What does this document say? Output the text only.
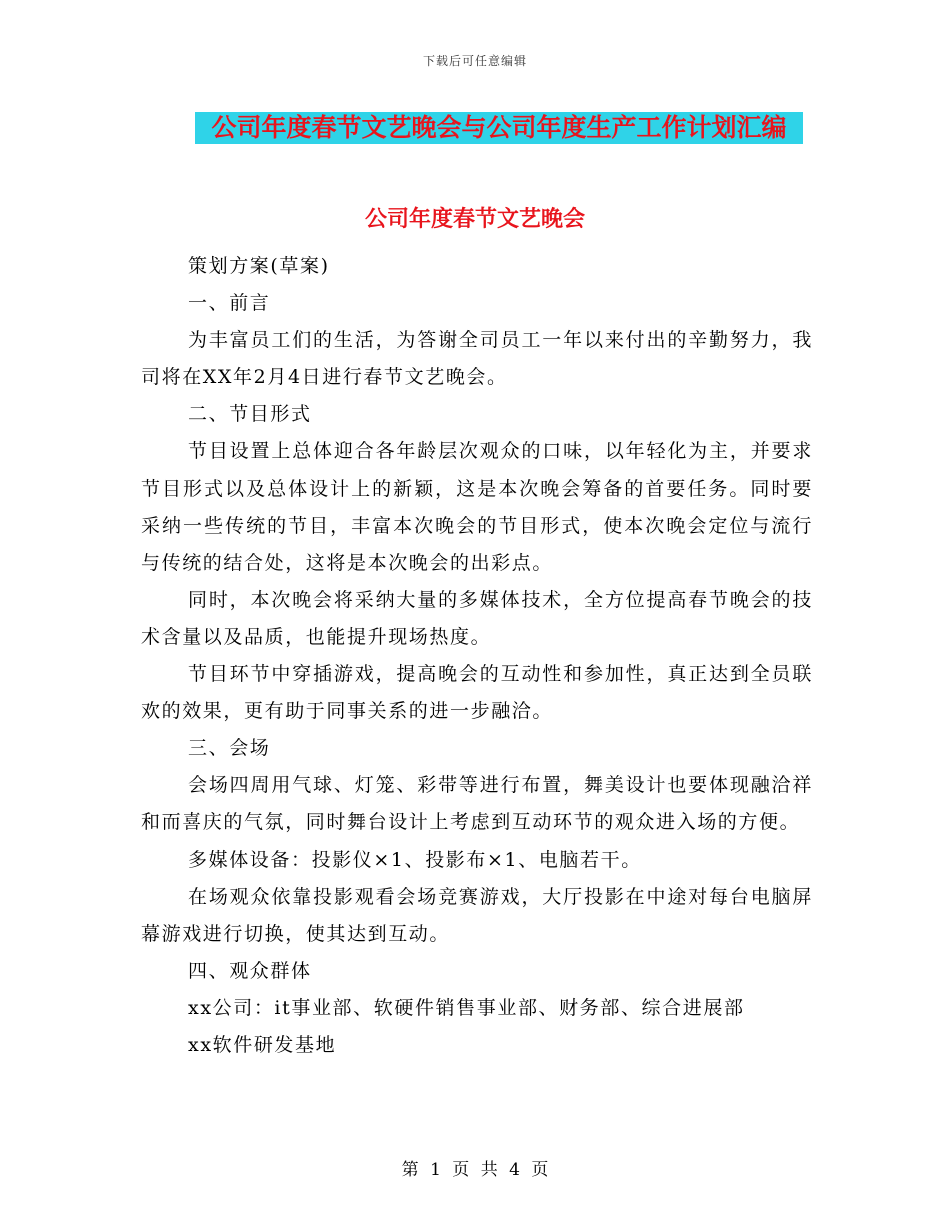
下载后可任意编辑
公司年度春节文艺晚会与公司年度生产工作计划汇编
公司年度春节文艺晚会

策划方案(草案)

一、前言

为丰富员工们的生活，为答谢全司员工一年以来付出的辛勤努力，我司将在XX年2月4日进行春节文艺晚会。

二、节目形式

节目设置上总体迎合各年龄层次观众的口味，以年轻化为主，并要求节目形式以及总体设计上的新颖，这是本次晚会筹备的首要任务。同时要采纳一些传统的节目，丰富本次晚会的节目形式，使本次晚会定位与流行与传统的结合处，这将是本次晚会的出彩点。

同时，本次晚会将采纳大量的多媒体技术，全方位提高春节晚会的技术含量以及品质，也能提升现场热度。

节目环节中穿插游戏，提高晚会的互动性和参加性，真正达到全员联欢的效果，更有助于同事关系的进一步融洽。

三、会场

会场四周用气球、灯笼、彩带等进行布置，舞美设计也要体现融洽祥和而喜庆的气氛，同时舞台设计上考虑到互动环节的观众进入场的方便。

多媒体设备：投影仪×1、投影布×1、电脑若干。

在场观众依靠投影观看会场竞赛游戏，大厅投影在中途对每台电脑屏幕游戏进行切换，使其达到互动。

四、观众群体

xx公司：it事业部、软硬件销售事业部、财务部、综合进展部

xx软件研发基地

第 1 页 共 4 页
